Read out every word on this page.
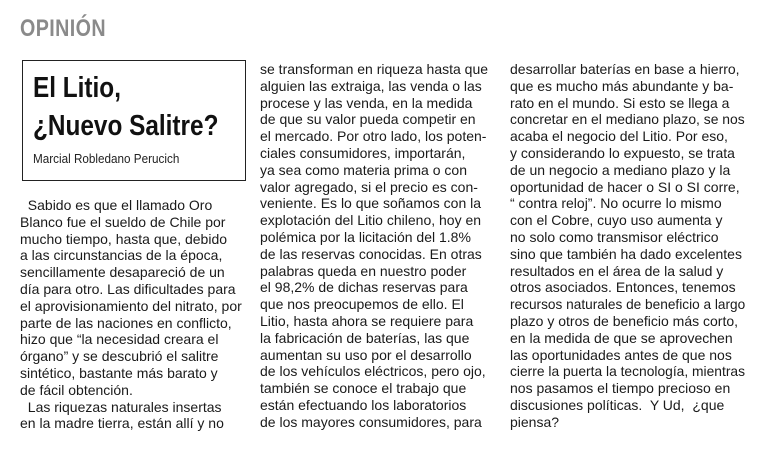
OPINIÓN
El Litio,
¿Nuevo Salitre?
Marcial Robledano Perucich
Sabido es que el llamado Oro
Blanco fue el sueldo de Chile por
mucho tiempo, hasta que, debido
a las circunstancias de la época,
sencillamente desapareció de un
día para otro. Las dificultades para
el aprovisionamiento del nitrato, por
parte de las naciones en conflicto,
hizo que “la necesidad creara el
órgano” y se descubrió el salitre
sintético, bastante más barato y
de fácil obtención.
Las riquezas naturales insertas
en la madre tierra, están allí y no
se transforman en riqueza hasta que
alguien las extraiga, las venda o las
procese y las venda, en la medida
de que su valor pueda competir en
el mercado. Por otro lado, los poten-
ciales consumidores, importarán,
ya sea como materia prima o con
valor agregado, si el precio es con-
veniente. Es lo que soñamos con la
explotación del Litio chileno, hoy en
polémica por la licitación del 1.8%
de las reservas conocidas. En otras
palabras queda en nuestro poder
el 98,2% de dichas reservas para
que nos preocupemos de ello. El
Litio, hasta ahora se requiere para
la fabricación de baterías, las que
aumentan su uso por el desarrollo
de los vehículos eléctricos, pero ojo,
también se conoce el trabajo que
están efectuando los laboratorios
de los mayores consumidores, para
desarrollar baterías en base a hierro,
que es mucho más abundante y ba-
rato en el mundo. Si esto se llega a
concretar en el mediano plazo, se nos
acaba el negocio del Litio. Por eso,
y considerando lo expuesto, se trata
de un negocio a mediano plazo y la
oportunidad de hacer o SI o SI corre,
“ contra reloj”. No ocurre lo mismo
con el Cobre, cuyo uso aumenta y
no solo como transmisor eléctrico
sino que también ha dado excelentes
resultados en el área de la salud y
otros asociados. Entonces, tenemos
recursos naturales de beneficio a largo
plazo y otros de beneficio más corto,
en la medida de que se aprovechen
las oportunidades antes de que nos
cierre la puerta la tecnología, mientras
nos pasamos el tiempo precioso en
discusiones políticas.  Y Ud,  ¿que
piensa?
